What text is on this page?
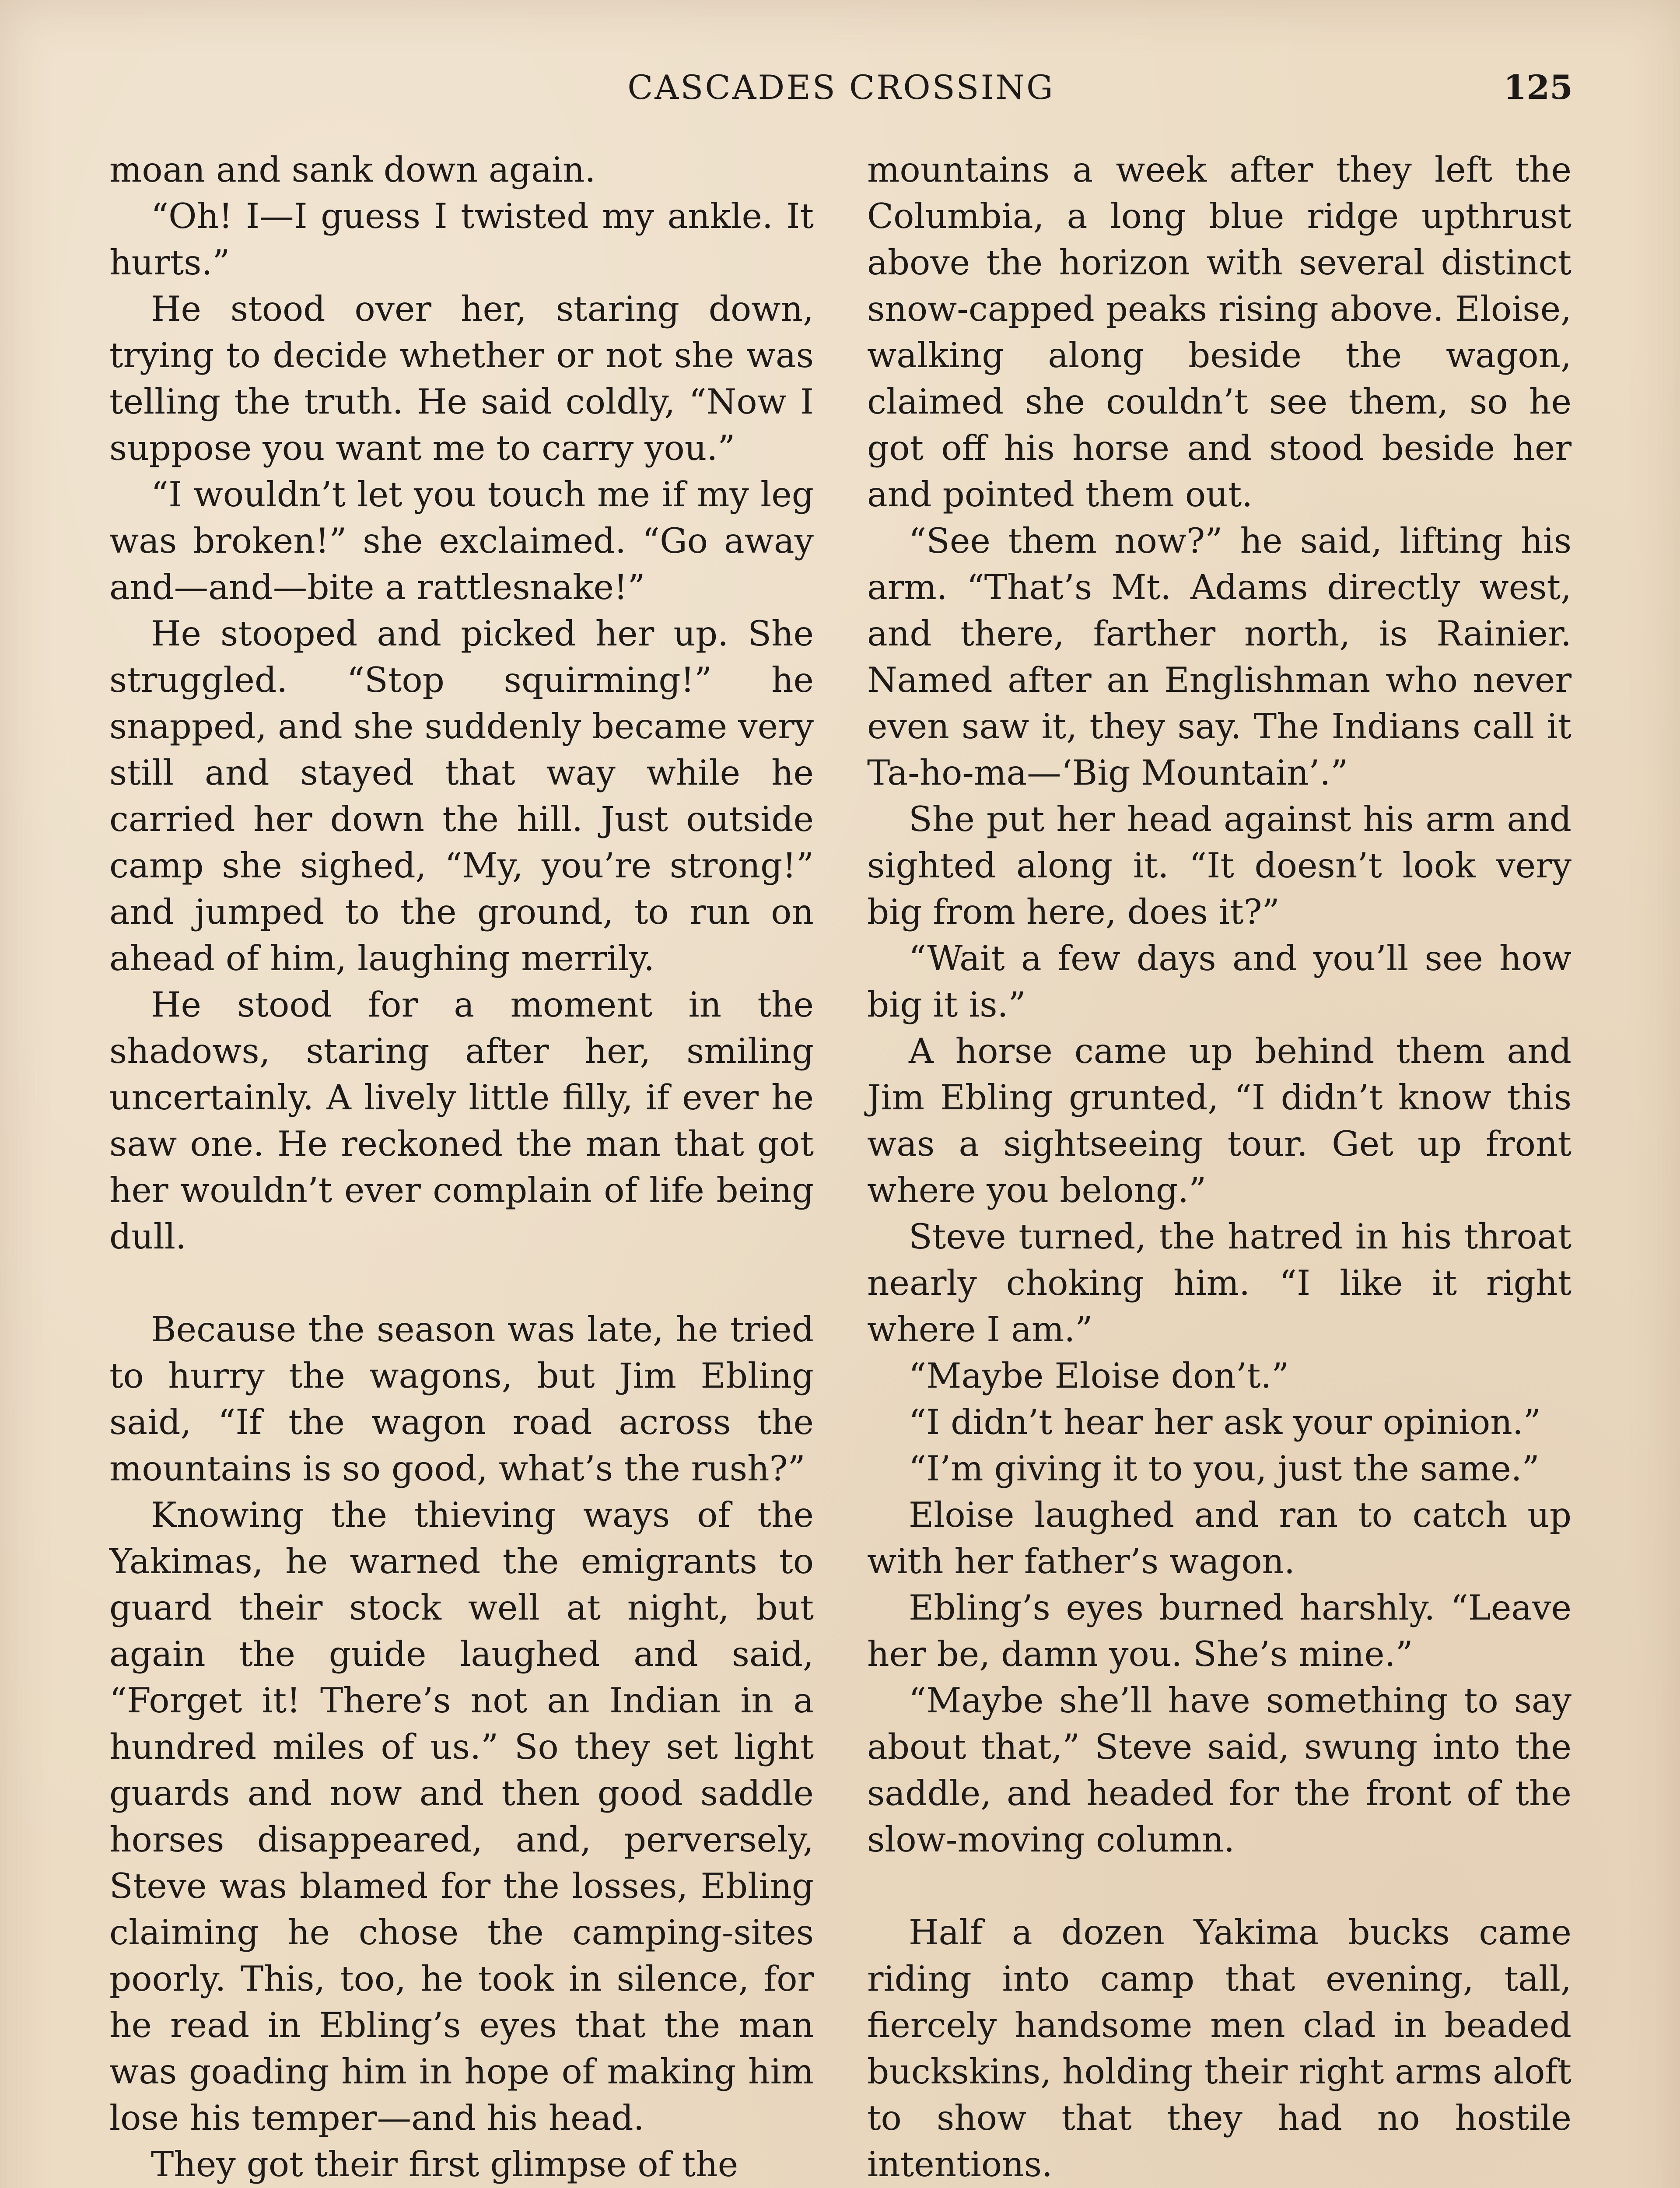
CASCADES CROSSING	125

moan and sank down again.

“Oh! I—I guess I twisted my ankle. It hurts.”

He stood over her, staring down, trying to decide whether or not she was telling the truth. He said coldly, “Now I suppose you want me to carry you.”

“I wouldn’t let you touch me if my leg was broken!” she exclaimed. “Go away and—and—bite a rattlesnake!”

He stooped and picked her up. She struggled. “Stop squirming!” he snapped, and she suddenly became very still and stayed that way while he carried her down the hill. Just outside camp she sighed, “My, you’re strong!” and jumped to the ground, to run on ahead of him, laughing merrily.

He stood for a moment in the shadows, staring after her, smiling uncertainly. A lively little filly, if ever he saw one. He reckoned the man that got her wouldn’t ever complain of life being dull.

Because the season was late, he tried to hurry the wagons, but Jim Ebling said, “If the wagon road across the mountains is so good, what’s the rush?”

Knowing the thieving ways of the Yakimas, he warned the emigrants to guard their stock well at night, but again the guide laughed and said, “Forget it! There’s not an Indian in a hundred miles of us.” So they set light guards and now and then good saddle horses disappeared, and, perversely, Steve was blamed for the losses, Ebling claiming he chose the camping-sites poorly. This, too, he took in silence, for he read in Ebling’s eyes that the man was goading him in hope of making him lose his temper—and his head.

They got their first glimpse of the

mountains a week after they left the Columbia, a long blue ridge upthrust above the horizon with several distinct snow-capped peaks rising above. Eloise, walking along beside the wagon, claimed she couldn’t see them, so he got off his horse and stood beside her and pointed them out.

“See them now?” he said, lifting his arm. “That’s Mt. Adams directly west, and there, farther north, is Rainier. Named after an Englishman who never even saw it, they say. The Indians call it Ta-ho-ma—‘Big Mountain’.”

She put her head against his arm and sighted along it. “It doesn’t look very big from here, does it?”

“Wait a few days and you’ll see how big it is.”

A horse came up behind them and Jim Ebling grunted, “I didn’t know this was a sightseeing tour. Get up front where you belong.”

Steve turned, the hatred in his throat nearly choking him. “I like it right where I am.”

“Maybe Eloise don’t.”

“I didn’t hear her ask your opinion.”

“I’m giving it to you, just the same.”

Eloise laughed and ran to catch up with her father’s wagon.

Ebling’s eyes burned harshly. “Leave her be, damn you. She’s mine.”

“Maybe she’ll have something to say about that,” Steve said, swung into the saddle, and headed for the front of the slow-moving column.

Half a dozen Yakima bucks came riding into camp that evening, tall, fiercely handsome men clad in beaded buckskins, holding their right arms aloft to show that they had no hostile intentions.
